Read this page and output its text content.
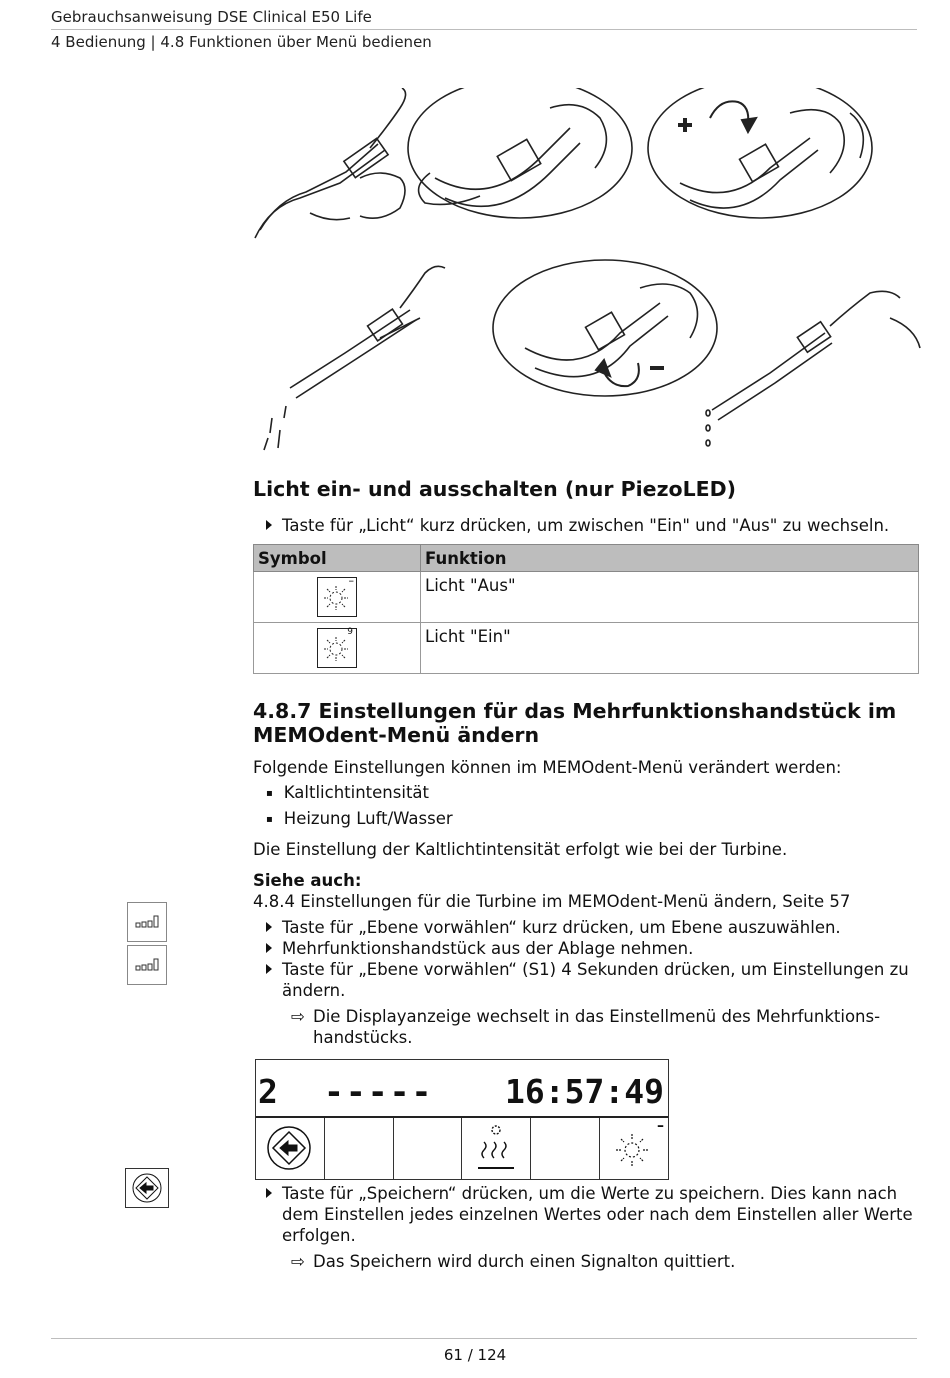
Gebrauchsanweisung DSE Clinical E50 Life
4 Bedienung | 4.8 Funktionen über Menü bedienen
Licht ein- und ausschalten (nur PiezoLED)
Taste für „Licht“ kurz drücken, um zwischen "Ein" und "Aus" zu wechseln.
Symbol	Funktion

–	Licht "Aus"

9	Licht "Ein"
4.8.7 Einstellungen für das Mehrfunktionshandstück im
MEMOdent-Menü ändern
Folgende Einstellungen können im MEMOdent-Menü verändert werden:
▪ Kaltlichtintensität
▪ Heizung Luft/Wasser
Die Einstellung der Kaltlichtintensität erfolgt wie bei der Turbine.
Siehe auch:
4.8.4 Einstellungen für die Turbine im MEMOdent-Menü ändern, Seite 57
Taste für „Ebene vorwählen“ kurz drücken, um Ebene auszuwählen.
Mehrfunktionshandstück aus der Ablage nehmen.
Taste für „Ebene vorwählen“ (S1) 4 Sekunden drücken, um Einstellungen zu ändern.
⇨ Die Displayanzeige wechselt in das Einstellmenü des Mehrfunktions- handstücks.
2 ----- 16:57:49
–
Taste für „Speichern“ drücken, um die Werte zu speichern. Dies kann nach dem Einstellen jedes einzelnen Wertes oder nach dem Einstellen aller Werte erfolgen.
⇨ Das Speichern wird durch einen Signalton quittiert.
61 / 124
